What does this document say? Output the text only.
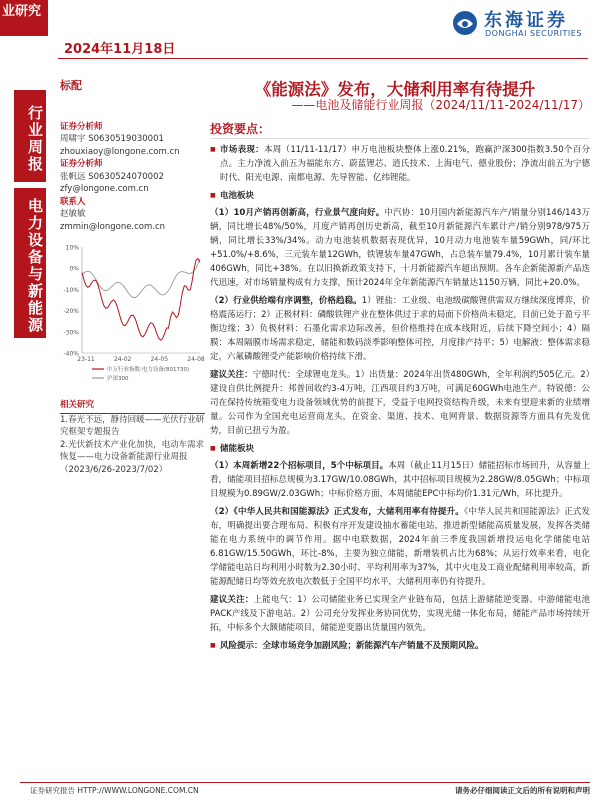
业研究
2024年11月18日
东海证券
DONGHAI SECURITIES
行业周报
电力设备与新能源
标配
证券分析师
周啸宇 S0630519030001
zhouxiaoy@longone.com.cn
证券分析师
张帆远 S0630524070002
zfy@longone.com.cn
联系人
赵敏敏
zmmin@longone.com.cn
10%
0%
-10%
-20%
-30%
-40%
23-11	24-02	24-05	24-08
中万行业指数:电力设备(801730)
沪深300
相关研究
1.春光不远，静待回暖——光伏行业研究框架专题报告
2.光伏新技术产业化加快，电动车需求恢复——电力设备新能源行业周报（2023/6/26-2023/7/02）
《能源法》发布，大储利用率有待提升
——电池及储能行业周报（2024/11/11-2024/11/17）
投资要点：
■ 市场表现：本周（11/11-11/17）申万电池板块整体上涨0.21%，跑赢沪深300指数3.50个百分点。主力净流入前五为福能东方、蔚蓝锂芯、逍氏技术、上海电气、德业股份；净流出前五为宁德时代、阳光电源、南都电源、先导智能、亿纬锂能。
■ 电池板块
（1）10月产销再创新高，行业景气度向好。中汽协：10月国内新能源汽车产/销量分别146/143万辆，同比增长48%/50%，月度产销再创历史新高，截至10月新能源汽车累计产/销分别978/975万辆，同比增长33%/34%。动力电池装机数据表现优异，10月动力电池装车量59GWh，同/环比+51.0%/+8.6%，三元装车量12GWh，铁锂装车量47GWh，占总装车量79.4%，10月累计装车量406GWh，同比+38%。在以旧换新政策支持下，十月新能源汽车超出预期。各车企新能源新产品迭代迅速，对市场销量构成有力支撑，预计2024年全年新能源汽车销量达1150万辆，同比+20.0%。
（2）行业供给端有序调整，价格趋稳。1）锂盐：工业级、电池级碳酸锂供需双方继续深度博弈，价格震荡运行；2）正极材料：磷酸铁锂产业在整体供过于求的局面下价格尚未稳定，目前已处于盈亏平衡边缘；3）负极材料：石墨化需求边际改善，但价格维持在成本线附近，后续下降空间小；4）隔膜：本周隔膜市场需求稳定，储能和数码淡季影响整体可控，月度排产持平；5）电解液：整体需求稳定，六氟磷酸锂受产能影响价格持续下滑。
建议关注：宁德时代：全球锂电龙头。1）出货量：2024年出货480GWh，全年利润约505亿元。2）建设自供比例提升：邦普回收约3-4万吨，江西项目约3万吨，可满足60GWh电池生产。特锐德：公司在保持传统箱变电力设备领域优势的前提下，受益于电网投资结构升级，未来有望迎来新的业绩增量。公司作为全国充电运营商龙头，在资金、渠道、技术、电网背景、数据资源等方面具有先发优势，目前已扭亏为盈。
■ 储能板块
（1）本周新增22个招标项目，5个中标项目。本周（截止11月15日）储能招标市场回升，从容量上看，储能项目招标总规模为3.17GW/10.08GWh，其中招标项目规模为2.28GW/8.05GWh；中标项目规模为0.89GW/2.03GWh；中标价格方面，本周储能EPC中标均价1.31元/Wh，环比提升。
（2）《中华人民共和国能源法》正式发布，大储利用率有待提升。《中华人民共和国能源法》正式发布，明确提出要合理布局、积极有序开发建设抽水蓄能电站，推进新型储能高质量发展，发挥各类储能在电力系统中的调节作用。据中电联数据，2024年前三季度我国新增投运电化学储能电站6.81GW/15.50GWh，环比-8%，主要为独立储能，新增装机占比为68%；从运行效率来看，电化学储能电站日均利用小时数为2.30小时、平均利用率为37%，其中火电及工商业配储利用率较高，新能源配储日均等效充放电次数低于全国平均水平，大储利用率仍有待提升。
建议关注：上能电气：1）公司储能业务已实现全产业链布局，包括上游储能逆变器、中游储能电池PACK产线及下游电站。2）公司充分发挥业务协同优势，实现光储一体化布局，储能产品市场持续开拓，中标多个大额储能项目，储能逆变器出货量国内领先。
■ 风险提示：全球市场竞争加剧风险；新能源汽车产销量不及预期风险。
证券研究报告 HTTP://WWW.LONGONE.COM.CN	请务必仔细阅读正文后的所有说明和声明
